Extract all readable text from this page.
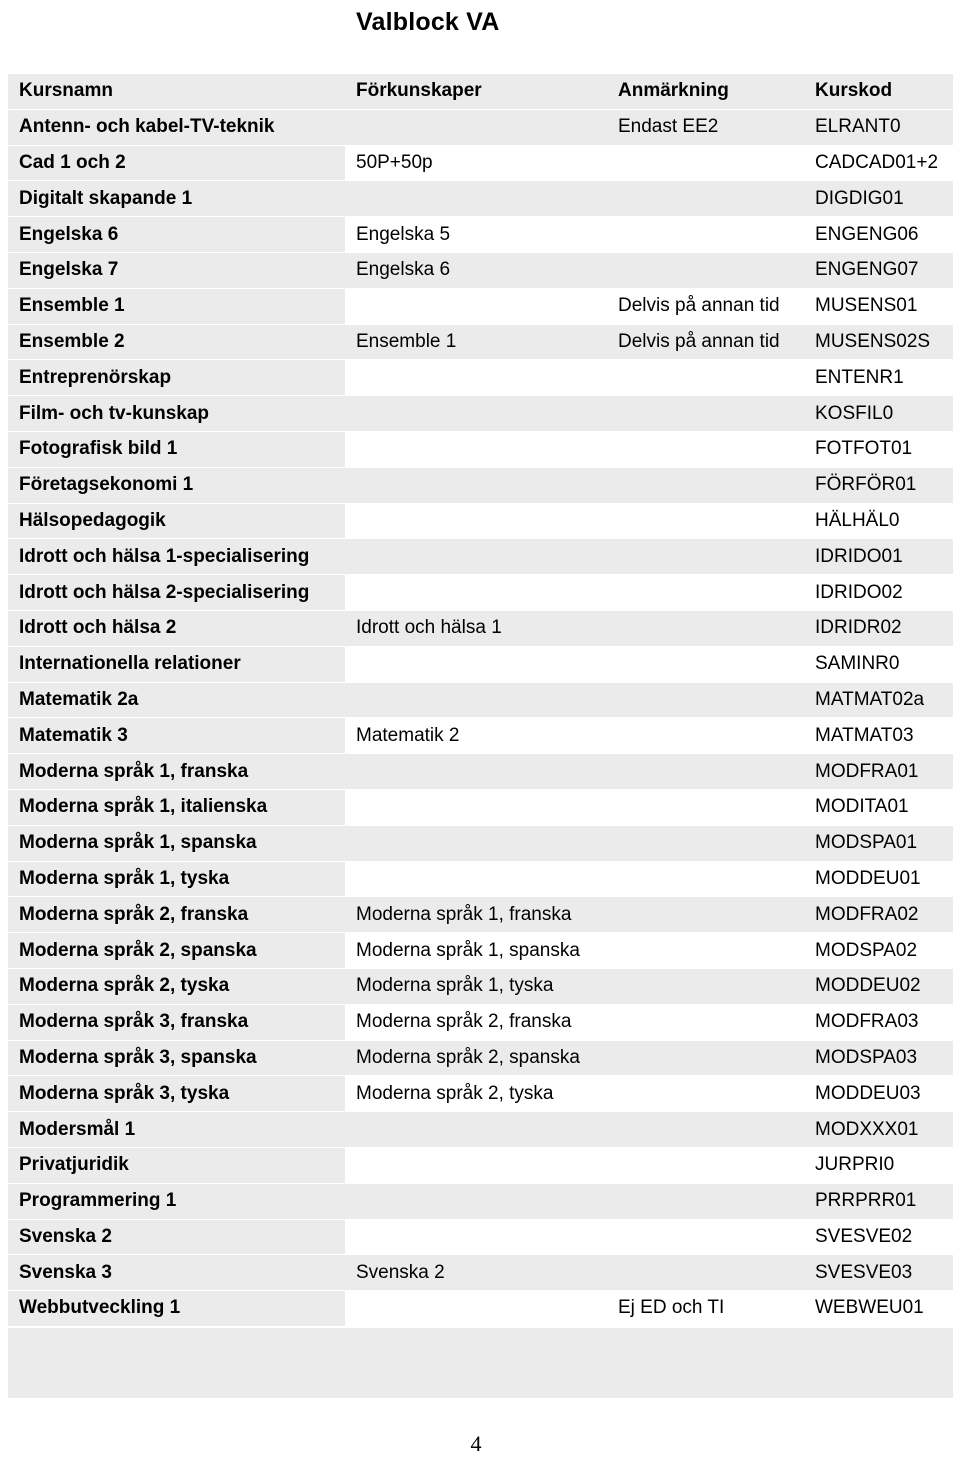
Valblock VA
Kursnamn	Förkunskaper	Anmärkning	Kurskod
Antenn- och kabel-TV-teknik		Endast EE2	ELRANT0
Cad 1 och 2	50P+50p		CADCAD01+2
Digitalt skapande 1			DIGDIG01
Engelska 6	Engelska 5		ENGENG06
Engelska 7	Engelska 6		ENGENG07
Ensemble 1		Delvis på annan tid	MUSENS01
Ensemble 2	Ensemble 1	Delvis på annan tid	MUSENS02S
Entreprenörskap			ENTENR1
Film- och tv-kunskap			KOSFIL0
Fotografisk bild 1			FOTFOT01
Företagsekonomi 1			FÖRFÖR01
Hälsopedagogik			HÄLHÄL0
Idrott och hälsa 1-specialisering			IDRIDO01
Idrott och hälsa 2-specialisering			IDRIDO02
Idrott och hälsa 2	Idrott och hälsa 1		IDRIDR02
Internationella relationer			SAMINR0
Matematik 2a			MATMAT02a
Matematik 3	Matematik 2		MATMAT03
Moderna språk 1, franska			MODFRA01
Moderna språk 1, italienska			MODITA01
Moderna språk 1, spanska			MODSPA01
Moderna språk 1, tyska			MODDEU01
Moderna språk 2, franska	Moderna språk 1, franska		MODFRA02
Moderna språk 2, spanska	Moderna språk 1, spanska		MODSPA02
Moderna språk 2, tyska	Moderna språk 1, tyska		MODDEU02
Moderna språk 3, franska	Moderna språk 2, franska		MODFRA03
Moderna språk 3, spanska	Moderna språk 2, spanska		MODSPA03
Moderna språk 3, tyska	Moderna språk 2, tyska		MODDEU03
Modersmål 1			MODXXX01
Privatjuridik			JURPRI0
Programmering 1			PRRPRR01
Svenska 2			SVESVE02
Svenska 3	Svenska 2		SVESVE03
Webbutveckling 1		Ej ED och TI	WEBWEU01
4
